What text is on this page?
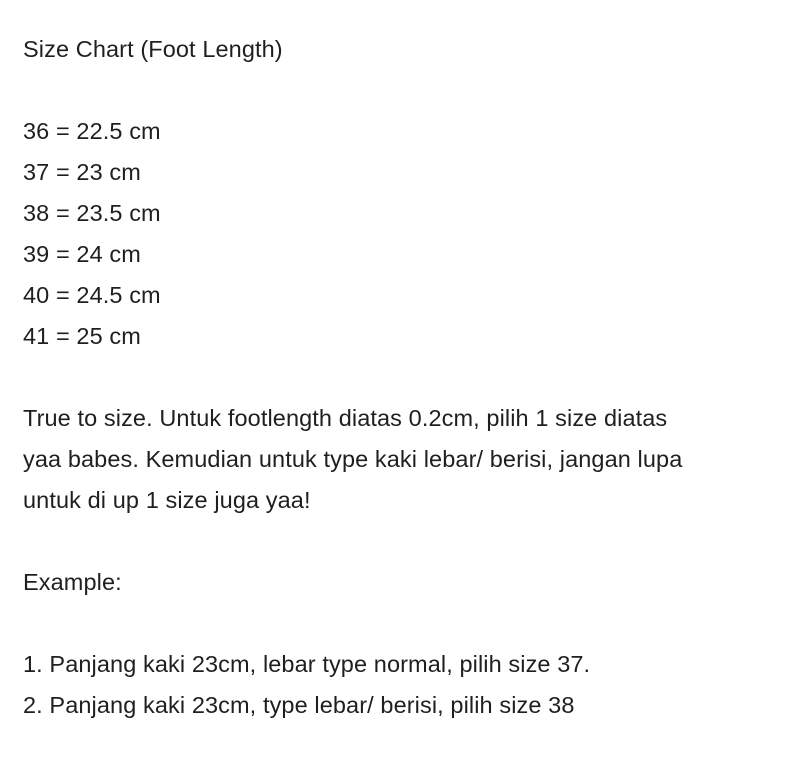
Size Chart (Foot Length)
36 = 22.5 cm
37 = 23 cm
38 = 23.5 cm
39 = 24 cm
40 = 24.5 cm
41 = 25 cm
True to size. Untuk footlength diatas 0.2cm, pilih 1 size diatas
yaa babes. Kemudian untuk type kaki lebar/ berisi, jangan lupa
untuk di up 1 size juga yaa!
Example:
1. Panjang kaki 23cm, lebar type normal, pilih size 37.
2. Panjang kaki 23cm, type lebar/ berisi, pilih size 38
